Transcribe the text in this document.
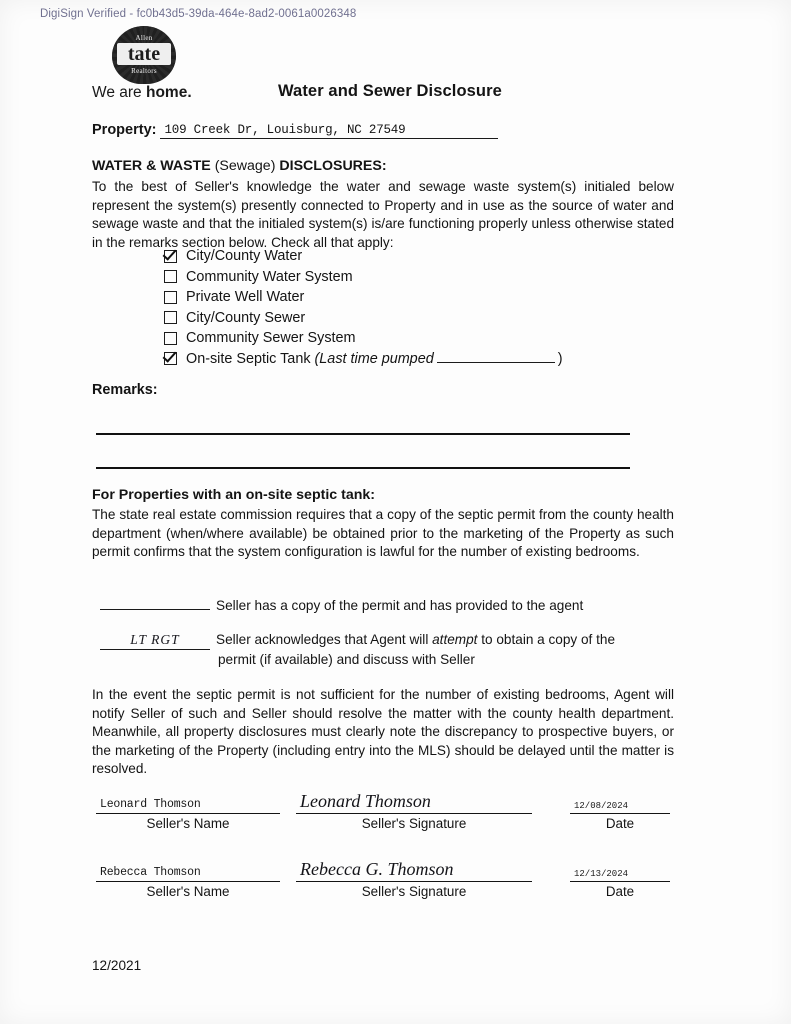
DigiSign Verified - fc0b43d5-39da-464e-8ad2-0061a0026348
Allen
tate
Realtors
We are home.	Water and Sewer Disclosure
Property: 109 Creek Dr, Louisburg, NC 27549
WATER & WASTE (Sewage) DISCLOSURES:
To the best of Seller's knowledge the water and sewage waste system(s) initialed below represent the system(s) presently connected to Property and in use as the source of water and sewage waste and that the initialed system(s) is/are functioning properly unless otherwise stated in the remarks section below. Check all that apply:
City/County Water
Community Water System
Private Well Water
City/County Sewer
Community Sewer System
On-site Septic Tank (Last time pumped	)
Remarks:
For Properties with an on-site septic tank:
The state real estate commission requires that a copy of the septic permit from the county health department (when/where available) be obtained prior to the marketing of the Property as such permit confirms that the system configuration is lawful for the number of existing bedrooms.
Seller has a copy of the permit and has provided to the agent
LT RGT	Seller acknowledges that Agent will attempt to obtain a copy of the
permit (if available) and discuss with Seller
In the event the septic permit is not sufficient for the number of existing bedrooms, Agent will notify Seller of such and Seller should resolve the matter with the county health department. Meanwhile, all property disclosures must clearly note the discrepancy to prospective buyers, or the marketing of the Property (including entry into the MLS) should be delayed until the matter is resolved.
Leonard Thomson
Seller's Name
Leonard Thomson
Seller's Signature
12/08/2024
Date
Rebecca Thomson
Seller's Name
Rebecca G. Thomson
Seller's Signature
12/13/2024
Date
12/2021
